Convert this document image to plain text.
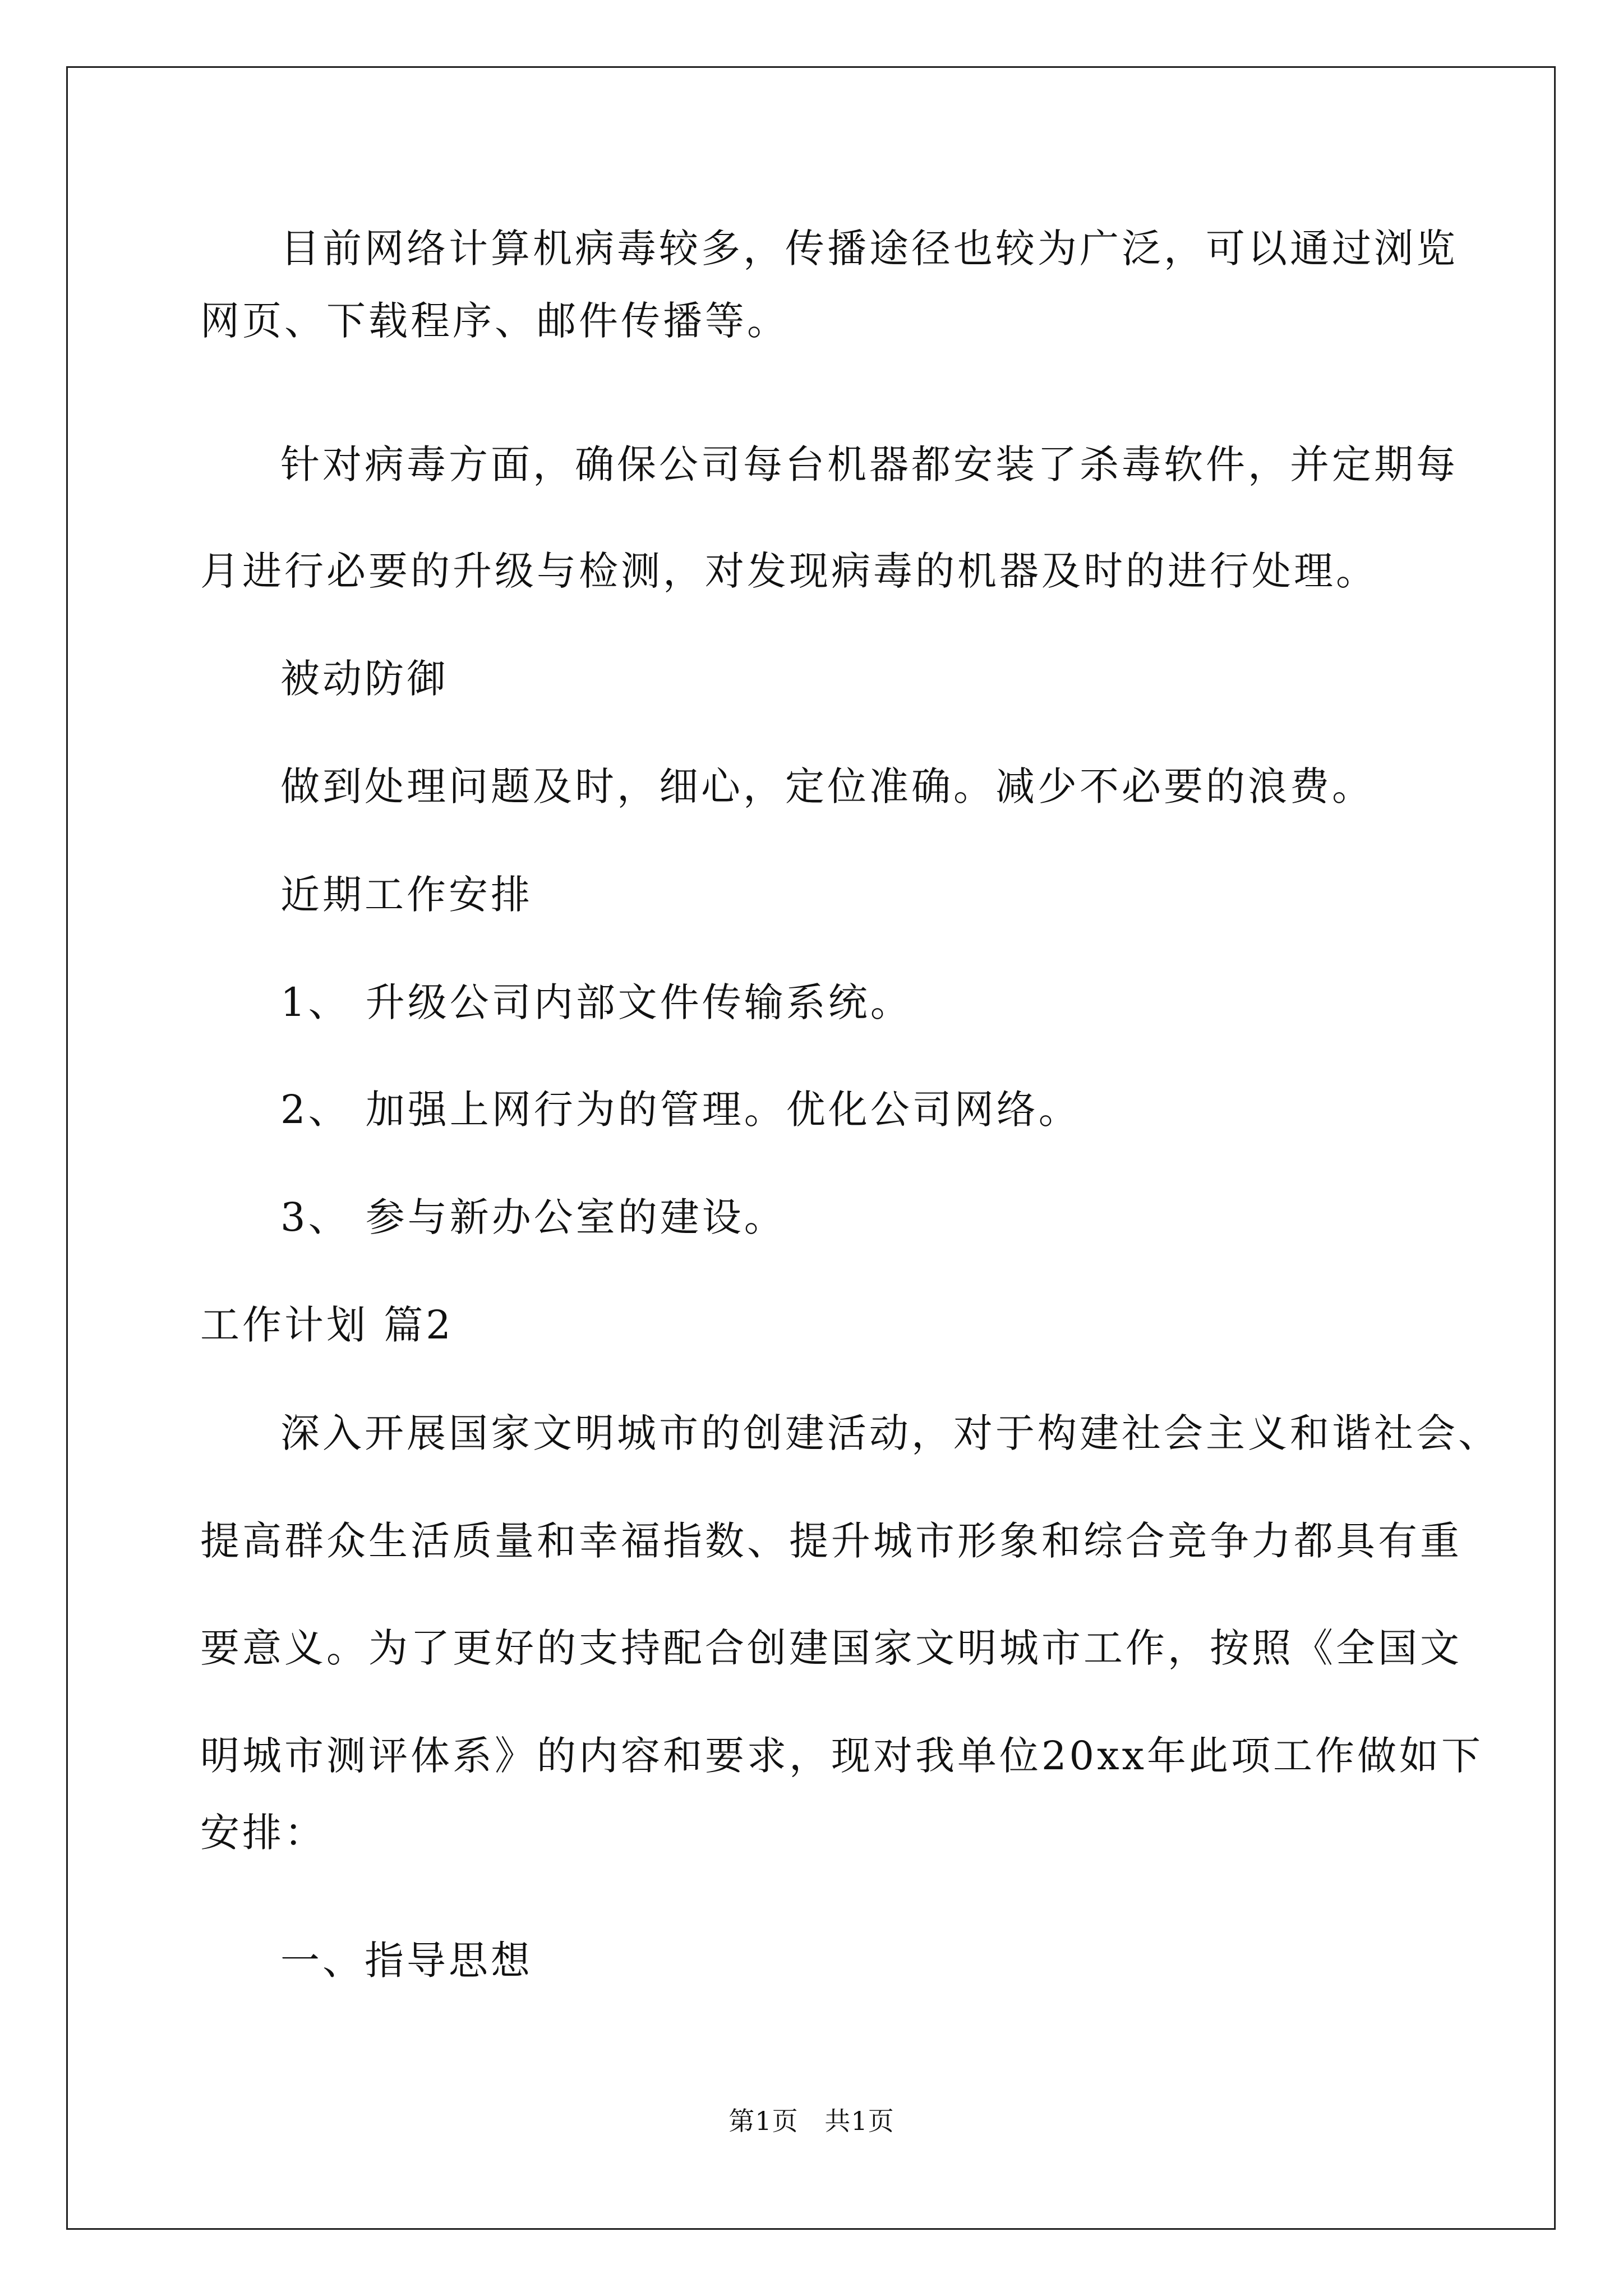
目前网络计算机病毒较多，传播途径也较为广泛，可以通过浏览
网页、下载程序、邮件传播等。
针对病毒方面，确保公司每台机器都安装了杀毒软件，并定期每
月进行必要的升级与检测，对发现病毒的机器及时的进行处理。
被动防御
做到处理问题及时，细心，定位准确。减少不必要的浪费。
近期工作安排
1、 升级公司内部文件传输系统。
2、 加强上网行为的管理。优化公司网络。
3、 参与新办公室的建设。
工作计划 篇2
深入开展国家文明城市的创建活动，对于构建社会主义和谐社会、
提高群众生活质量和幸福指数、提升城市形象和综合竞争力都具有重
要意义。为了更好的支持配合创建国家文明城市工作，按照《全国文
明城市测评体系》的内容和要求，现对我单位20xx年此项工作做如下
安排：
一、指导思想
第1页   共1页
